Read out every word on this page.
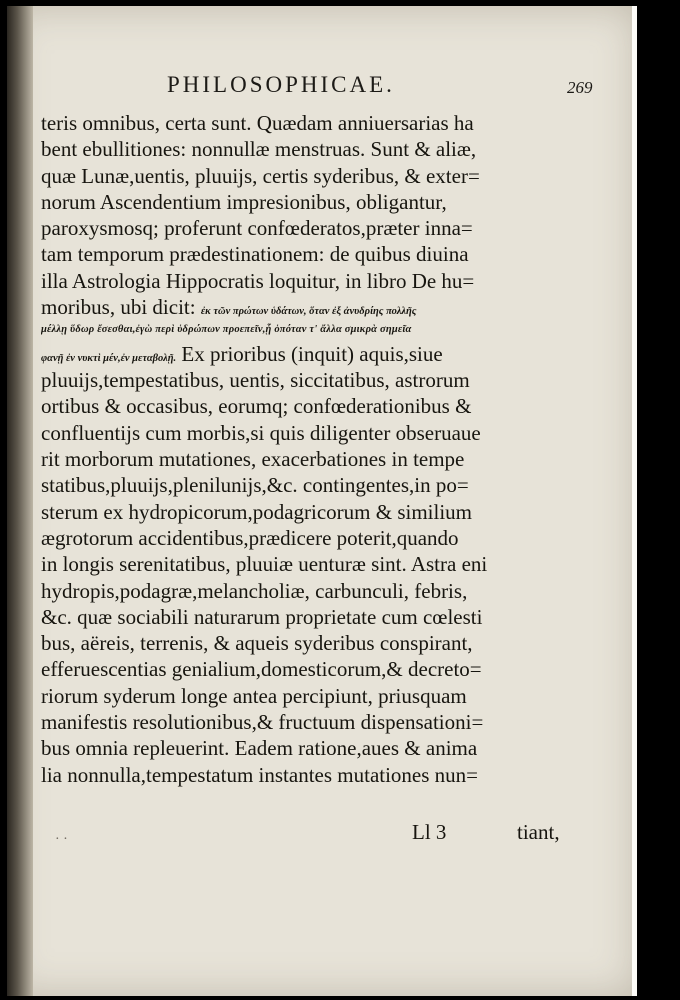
PHILOSOPHICAE.	269
teris omnibus, certa sunt. Quædam anniuersarias ha
bent ebullitiones: nonnullæ menstruas. Sunt & aliæ,
quæ Lunæ,uentis, pluuijs, certis syderibus, & exter=
norum Ascendentium impresionibus, obligantur,
paroxysmosq; proferunt confœderatos,præter inna=
tam temporum prædestinationem: de quibus diuina
illa Astrologia Hippocratis loquitur, in libro De hu=
moribus, ubi dicit: ἐκ τῶν πρώτων ὑδάτων, ὅταν ἐξ ἀνυδρίης πολλῆς
μέλλῃ ὕδωρ ἔσεσθαι,ἐγὼ περὶ ὑδρώπων προεπεῖν,ᾗ ὁπόταν τ' ἄλλα σμικρὰ σημεῖα
φανῇ ἐν νυκτὶ μέν,ἐν μεταβολῇ. Ex prioribus (inquit) aquis,siue
pluuijs,tempestatibus, uentis, siccitatibus, astrorum
ortibus & occasibus, eorumq; confœderationibus &
confluentijs cum morbis,si quis diligenter obseruaue
rit morborum mutationes, exacerbationes in tempe
statibus,pluuijs,plenilunijs,&c. contingentes,in po=
sterum ex hydropicorum,podagricorum & similium
ægrotorum accidentibus,prædicere poterit,quando
in longis serenitatibus, pluuiæ uenturæ sint. Astra eni
hydropis,podagræ,melancholiæ, carbunculi, febris,
&c. quæ sociabili naturarum proprietate cum cœlesti
bus, aëreis, terrenis, & aqueis syderibus conspirant,
efferuescentias genialium,domesticorum,& decreto=
riorum syderum longe antea percipiunt, priusquam
manifestis resolutionibus,& fructuum dispensationi=
bus omnia repleuerint. Eadem ratione,aues & anima
lia nonnulla,tempestatum instantes mutationes nun=
· ·	Ll 3	tiant,
